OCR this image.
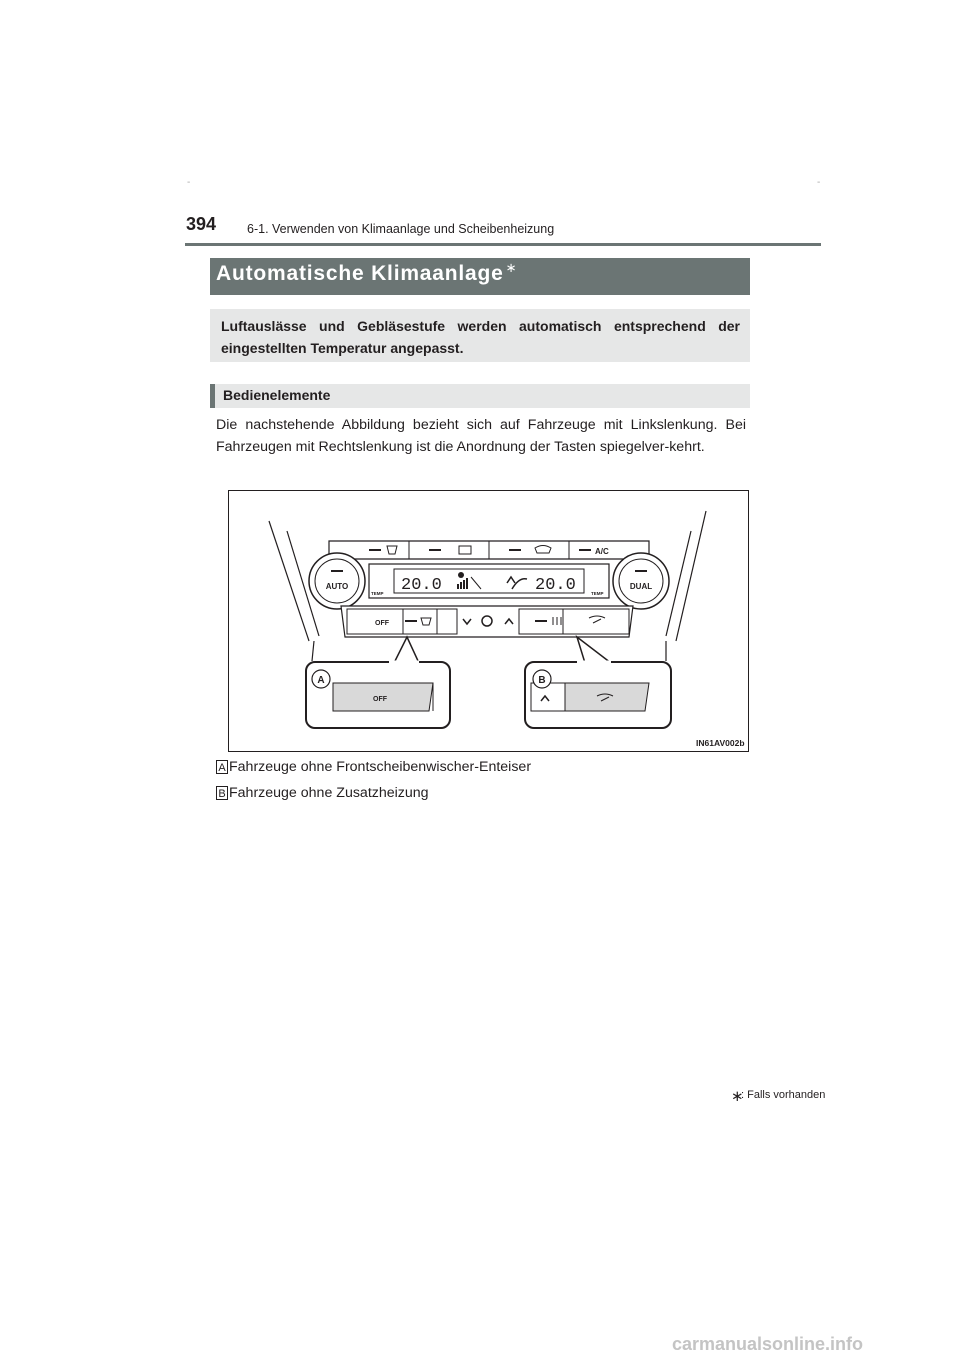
-	-
394 6-1. Verwenden von Klimaanlage und Scheibenheizung
Automatische Klimaanlage ∗
Luftauslässe und Gebläsestufe werden automatisch entsprechend der eingestellten Temperatur angepasst.
Bedienelemente
Die nachstehende Abbildung bezieht sich auf Fahrzeuge mit Linkslenkung. Bei Fahrzeugen mit Rechtslenkung ist die Anordnung der Tasten spiegelver-kehrt.
A/C
AUTO	DUAL
20.0	20.0
TEMP	TEMP
OFF
OFF
A	B
IN61AV002b
A Fahrzeuge ohne Frontscheibenwischer-Enteiser
B Fahrzeuge ohne Zusatzheizung
∗
: Falls vorhanden
carmanualsonline.info
